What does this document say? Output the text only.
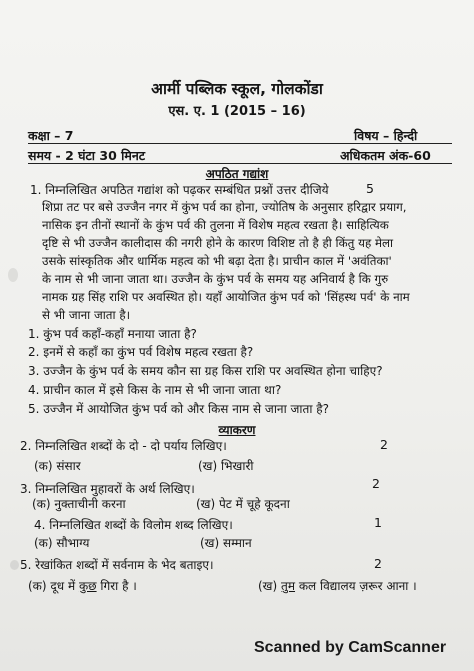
आर्मी पब्लिक स्कूल, गोलकोंडा
एस. ए. 1 (2015 – 16)
कक्षा – 7	विषय – हिन्दी
समय - 2 घंटा 30 मिनट	अधिकतम अंक-60
अपठित गद्यांश
1. निम्नलिखित अपठित गद्यांश को पढ़कर सम्बंधित प्रश्नों उत्तर दीजिये	5
शिप्रा तट पर बसे उज्जैन नगर में कुंभ पर्व का होना, ज्योतिष के अनुसार हरिद्वार प्रयाग,
नासिक इन तीनों स्थानों के कुंभ पर्व की तुलना में विशेष महत्व रखता है। साहित्यिक
दृष्टि से भी उज्जैन कालीदास की नगरी होने के कारण विशिष्ट तो है ही किंतु यह मेला
उसके सांस्कृतिक और धार्मिक महत्व को भी बढ़ा देता है। प्राचीन काल में 'अवंतिका'
के नाम से भी जाना जाता था। उज्जैन के कुंभ पर्व के समय यह अनिवार्य है कि गुरु
नामक ग्रह सिंह राशि पर अवस्थित हो। यहाँ आयोजित कुंभ पर्व को 'सिंहस्थ पर्व' के नाम
से भी जाना जाता है।
1. कुंभ पर्व कहाँ-कहाँ मनाया जाता है?
2. इनमें से कहाँ का कुंभ पर्व विशेष महत्व रखता है?
3. उज्जैन के कुंभ पर्व के समय कौन सा ग्रह किस राशि पर अवस्थित होना चाहिए?
4. प्राचीन काल में इसे किस के नाम से भी जाना जाता था?
5. उज्जैन में आयोजित कुंभ पर्व को और किस नाम से जाना जाता है?
व्याकरण
2. निम्नलिखित शब्दों के दो - दो पर्याय लिखिए।	2
(क) संसार	(ख) भिखारी
3. निम्नलिखित मुहावरों के अर्थ लिखिए।	2
(क) नुक्ताचीनी करना	(ख) पेट में चूहे कूदना
4. निम्नलिखित शब्दों के विलोम शब्द लिखिए।	1
(क) सौभाग्य	(ख) सम्मान
5. रेखांकित शब्दों में सर्वनाम के भेद बताइए।	2
(क) दूध में कुछ गिरा है ।	(ख) तुम कल विद्यालय ज़रूर आना ।
Scanned by CamScanner
